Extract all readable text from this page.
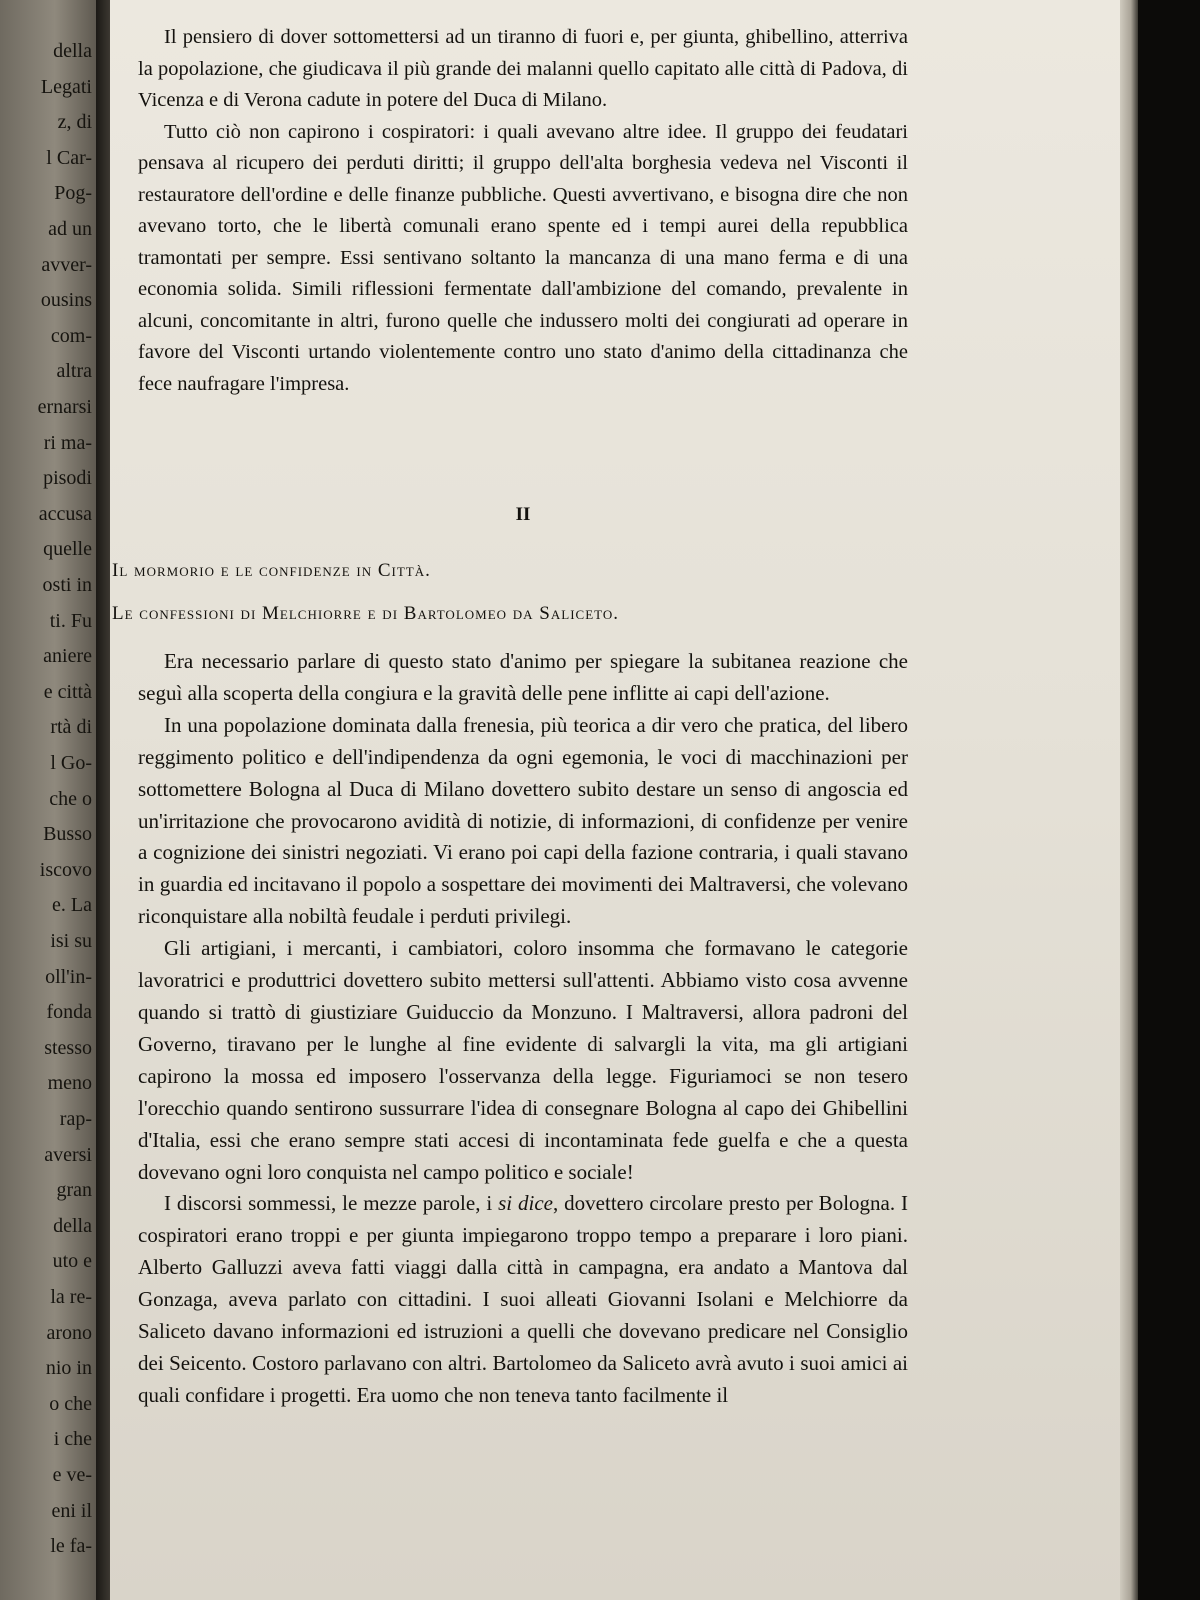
della
Legati
z, di
l Car-
Pog-
ad un
avver-
ousins
com-
altra
ernarsi
ri ma-
pisodi
accusa
quelle
osti in
ti. Fu
aniere
e città
rtà di
l Go-
che o
Busso
iscovo
e. La
isi su
oll'in-
fonda
stesso
meno
rap-
aversi
gran
della
uto e
la re-
arono
nio in
o che
i che
e ve-
eni il
le fa-

Il pensiero di dover sottomettersi ad un tiranno di fuori e, per giunta, ghibellino, atterriva la popolazione, che giudicava il più grande dei malanni quello capitato alle città di Padova, di Vicenza e di Verona cadute in potere del Duca di Milano.

Tutto ciò non capirono i cospiratori: i quali avevano altre idee. Il gruppo dei feudatari pensava al ricupero dei perduti diritti; il gruppo dell'alta borghesia vedeva nel Visconti il restauratore dell'ordine e delle finanze pubbliche. Questi avvertivano, e bisogna dire che non avevano torto, che le libertà comunali erano spente ed i tempi aurei della repubblica tramontati per sempre. Essi sentivano soltanto la mancanza di una mano ferma e di una economia solida. Simili riflessioni fermentate dall'ambizione del comando, prevalente in alcuni, concomitante in altri, furono quelle che indussero molti dei congiurati ad operare in favore del Visconti urtando violentemente contro uno stato d'animo della cittadinanza che fece naufragare l'impresa.

II
Il mormorio e le confidenze in Città.
Le confessioni di Melchiorre e di Bartolomeo da Saliceto.

Era necessario parlare di questo stato d'animo per spiegare la subitanea reazione che seguì alla scoperta della congiura e la gravità delle pene inflitte ai capi dell'azione.

In una popolazione dominata dalla frenesia, più teorica a dir vero che pratica, del libero reggimento politico e dell'indipendenza da ogni egemonia, le voci di macchinazioni per sottomettere Bologna al Duca di Milano dovettero subito destare un senso di angoscia ed un'irritazione che provocarono avidità di notizie, di informazioni, di confidenze per venire a cognizione dei sinistri negoziati. Vi erano poi capi della fazione contraria, i quali stavano in guardia ed incitavano il popolo a sospettare dei movimenti dei Maltraversi, che volevano riconquistare alla nobiltà feudale i perduti privilegi.

Gli artigiani, i mercanti, i cambiatori, coloro insomma che formavano le categorie lavoratrici e produttrici dovettero subito mettersi sull'attenti. Abbiamo visto cosa avvenne quando si trattò di giustiziare Guiduccio da Monzuno. I Maltraversi, allora padroni del Governo, tiravano per le lunghe al fine evidente di salvargli la vita, ma gli artigiani capirono la mossa ed imposero l'osservanza della legge. Figuriamoci se non tesero l'orecchio quando sentirono sussurrare l'idea di consegnare Bologna al capo dei Ghibellini d'Italia, essi che erano sempre stati accesi di incontaminata fede guelfa e che a questa dovevano ogni loro conquista nel campo politico e sociale!

I discorsi sommessi, le mezze parole, i si dice, dovettero circolare presto per Bologna. I cospiratori erano troppi e per giunta impiegarono troppo tempo a preparare i loro piani. Alberto Galluzzi aveva fatti viaggi dalla città in campagna, era andato a Mantova dal Gonzaga, aveva parlato con cittadini. I suoi alleati Giovanni Isolani e Melchiorre da Saliceto davano informazioni ed istruzioni a quelli che dovevano predicare nel Consiglio dei Seicento. Costoro parlavano con altri. Bartolomeo da Saliceto avrà avuto i suoi amici ai quali confidare i progetti. Era uomo che non teneva tanto facilmente il
